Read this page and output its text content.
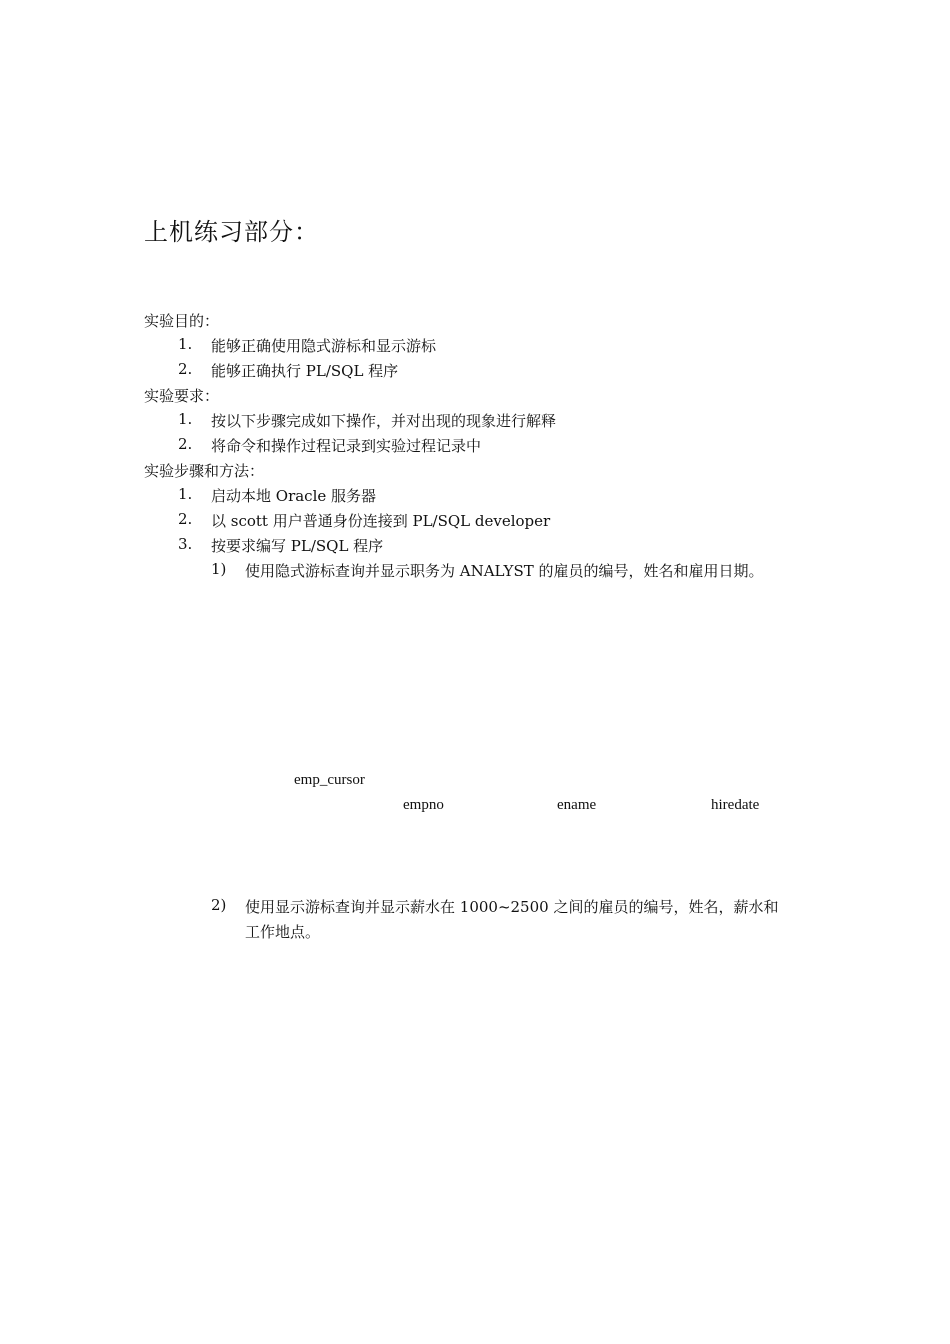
上机练习部分：
实验目的：
1. 能够正确使用隐式游标和显示游标
2. 能够正确执行 PL/SQL 程序
实验要求：
1. 按以下步骤完成如下操作，并对出现的现象进行解释
2. 将命令和操作过程记录到实验过程记录中
实验步骤和方法：
1. 启动本地 Oracle 服务器
2. 以 scott 用户普通身份连接到 PL/SQL developer
3. 按要求编写 PL/SQL 程序
1) 使用隐式游标查询并显示职务为 ANALYST 的雇员的编号，姓名和雇用日期。
emp_cursor
empno	ename	hiredate
2) 使用显示游标查询并显示薪水在 1000~2500 之间的雇员的编号，姓名，薪水和
工作地点。
